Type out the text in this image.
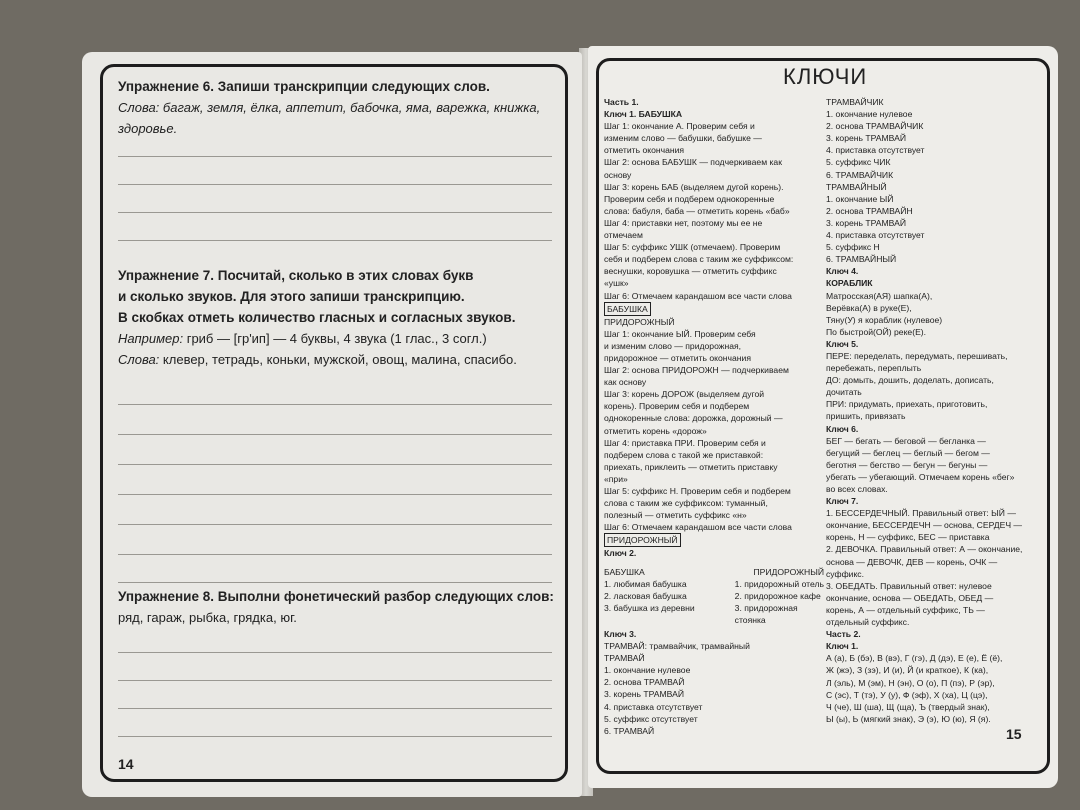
Упражнение 6. Запиши транскрипции следующих слов.
Слова: багаж, земля, ёлка, аппетит, бабочка, яма, варежка, книжка, здоровье.
Упражнение 7. Посчитай, сколько в этих словах букв
и сколько звуков. Для этого запиши транскрипцию.
В скобках отметь количество гласных и согласных звуков.
Например: гриб — [гр'ип] — 4 буквы, 4 звука (1 глас., 3 согл.)
Слова: клевер, тетрадь, коньки, мужской, овощ, малина, спасибо.
Упражнение 8. Выполни фонетический разбор следующих слов:
ряд, гараж, рыбка, грядка, юг.
14
КЛЮЧИ
Часть 1.
Ключ 1. БАБУШКА
Шаг 1: окончание А. Проверим себя и
изменим слово — бабушки, бабушке —
отметить окончания
Шаг 2: основа БАБУШК — подчеркиваем как
основу
Шаг 3: корень БАБ (выделяем дугой корень).
Проверим себя и подберем однокоренные
слова: бабуля, баба — отметить корень «баб»
Шаг 4: приставки нет, поэтому мы ее не
отмечаем
Шаг 5: суффикс УШК (отмечаем). Проверим
себя и подберем слова с таким же суффиксом:
веснушки, коровушка — отметить суффикс
«ушк»
Шаг 6: Отмечаем карандашом все части слова
БАБУШКА
ПРИДОРОЖНЫЙ
Шаг 1: окончание ЫЙ. Проверим себя
и изменим слово — придорожная,
придорожное — отметить окончания
Шаг 2: основа ПРИДОРОЖН — подчеркиваем
как основу
Шаг 3: корень ДОРОЖ (выделяем дугой
корень). Проверим себя и подберем
однокоренные слова: дорожка, дорожный —
отметить корень «дорож»
Шаг 4: приставка ПРИ. Проверим себя и
подберем слова с такой же приставкой:
приехать, приклеить — отметить приставку
«при»
Шаг 5: суффикс Н. Проверим себя и подберем
слова с таким же суффиксом: туманный,
полезный — отметить суффикс «н»
Шаг 6: Отмечаем карандашом все части слова
ПРИДОРОЖНЫЙ
Ключ 2.
БАБУШКА	ПРИДОРОЖНЫЙ
1. любимая бабушка
2. ласковая бабушка
3. бабушка из деревни
1. придорожный отель
2. придорожное кафе
3. придорожная
стоянка
Ключ 3.
ТРАМВАЙ: трамвайчик, трамвайный
ТРАМВАЙ
1. окончание нулевое
2. основа ТРАМВАЙ
3. корень ТРАМВАЙ
4. приставка отсутствует
5. суффикс отсутствует
6. ТРАМВАЙ
ТРАМВАЙЧИК
1. окончание нулевое
2. основа ТРАМВАЙЧИК
3. корень ТРАМВАЙ
4. приставка отсутствует
5. суффикс ЧИК
6. ТРАМВАЙЧИК
ТРАМВАЙНЫЙ
1. окончание ЫЙ
2. основа ТРАМВАЙН
3. корень ТРАМВАЙ
4. приставка отсутствует
5. суффикс Н
6. ТРАМВАЙНЫЙ
Ключ 4.
КОРАБЛИК
Матросская(АЯ) шапка(А),
Верёвка(А) в руке(Е),
Тяну(У) я кораблик (нулевое)
По быстрой(ОЙ) реке(Е).
Ключ 5.
ПЕРЕ: переделать, передумать, перешивать,
перебежать, переплыть
ДО: домыть, дошить, доделать, дописать,
дочитать
ПРИ: придумать, приехать, приготовить,
пришить, привязать
Ключ 6.
БЕГ — бегать — беговой — бегланка —
бегущий — беглец — беглый — бегом —
беготня — бегство — бегун — бегуны —
убегать — убегающий. Отмечаем корень «бег»
во всех словах.
Ключ 7.
1. БЕССЕРДЕЧНЫЙ. Правильный ответ: ЫЙ —
окончание, БЕССЕРДЕЧН — основа, СЕРДЕЧ —
корень, Н — суффикс, БЕС — приставка
2. ДЕВОЧКА. Правильный ответ: А — окончание,
основа — ДЕВОЧК, ДЕВ — корень, ОЧК —
суффикс.
3. ОБЕДАТЬ. Правильный ответ: нулевое
окончание, основа — ОБЕДАТЬ, ОБЕД —
корень, А — отдельный суффикс, ТЬ —
отдельный суффикс.
Часть 2.
Ключ 1.
А (а), Б (бэ), В (вэ), Г (гэ), Д (дэ), Е (е), Ё (ё),
Ж (жэ), З (зэ), И (и), Й (и краткое), К (ка),
Л (эль), М (эм), Н (эн), О (о), П (пэ), Р (эр),
С (эс), Т (тэ), У (у), Ф (эф), Х (ха), Ц (цэ),
Ч (че), Ш (ша), Щ (ща), Ъ (твердый знак),
Ы (ы), Ь (мягкий знак), Э (э), Ю (ю), Я (я).
15
